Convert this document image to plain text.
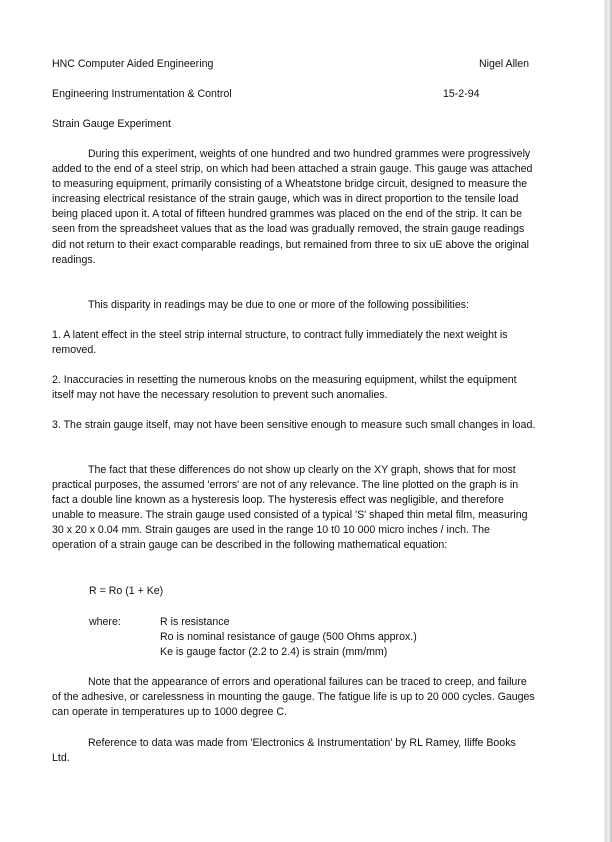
HNC Computer Aided Engineering	Nigel Allen
Engineering Instrumentation & Control	15-2-94
Strain Gauge Experiment

During this experiment, weights of one hundred and two hundred grammes were progressively added to the end of a steel strip, on which had been attached a strain gauge. This gauge was attached to measuring equipment, primarily consisting of a Wheatstone bridge circuit, designed to measure the increasing electrical resistance of the strain gauge, which was in direct proportion to the tensile load being placed upon it. A total of fifteen hundred grammes was placed on the end of the strip. It can be seen from the spreadsheet values that as the load was gradually removed, the strain gauge readings did not return to their exact comparable readings, but remained from three to six uE above the original readings.

This disparity in readings may be due to one or more of the following possibilities:

1. A latent effect in the steel strip internal structure, to contract fully immediately the next weight is removed.

2. Inaccuracies in resetting the numerous knobs on the measuring equipment, whilst the equipment itself may not have the necessary resolution to prevent such anomalies.

3. The strain gauge itself, may not have been sensitive enough to measure such small changes in load.

The fact that these differences do not show up clearly on the XY graph, shows that for most practical purposes, the assumed 'errors' are not of any relevance. The line plotted on the graph is in fact a double line known as a hysteresis loop. The hysteresis effect was negligible, and therefore unable to measure. The strain gauge used consisted of a typical 'S' shaped thin metal film, measuring 30 x 20 x 0.04 mm. Strain gauges are used in the range 10 t0 10 000 micro inches / inch. The operation of a strain gauge can be described in the following mathematical equation:

R = Ro (1 + Ke)
where:	R is resistance
Ro is nominal resistance of gauge (500 Ohms approx.)
Ke is gauge factor (2.2 to 2.4) is strain (mm/mm)

Note that the appearance of errors and operational failures can be traced to creep, and failure of the adhesive, or carelessness in mounting the gauge. The fatigue life is up to 20 000 cycles. Gauges can operate in temperatures up to 1000 degree C.

Reference to data was made from 'Electronics & Instrumentation' by RL Ramey, Iliffe Books Ltd.
